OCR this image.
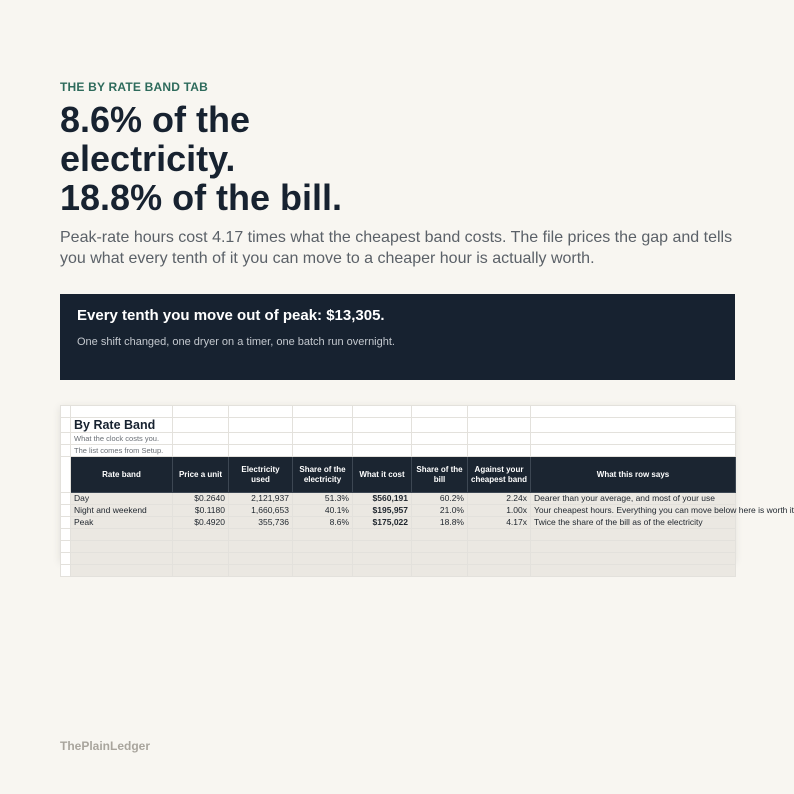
THE BY RATE BAND TAB
8.6% of the
electricity.
18.8% of the bill.
Peak-rate hours cost 4.17 times what the cheapest band costs. The file prices the gap and tells you what every tenth of it you can move to a cheaper hour is actually worth.
Every tenth you move out of peak: $13,305.
One shift changed, one dryer on a timer, one batch run overnight.

	By Rate Band							
	What the clock costs you.							
	The list comes from Setup.							
	Rate band	Price a unit	Electricity used	Share of the electricity	What it cost	Share of the bill	Against your cheapest band	What this row says
	Day	$0.2640	2,121,937	51.3%	$560,191	60.2%	2.24x	Dearer than your average, and most of your use
	Night and weekend	$0.1180	1,660,653	40.1%	$195,957	21.0%	1.00x	Your cheapest hours. Everything you can move below here is worth it
	Peak	$0.4920	355,736	8.6%	$175,022	18.8%	4.17x	Twice the share of the bill as of the electricity

ThePlainLedger
